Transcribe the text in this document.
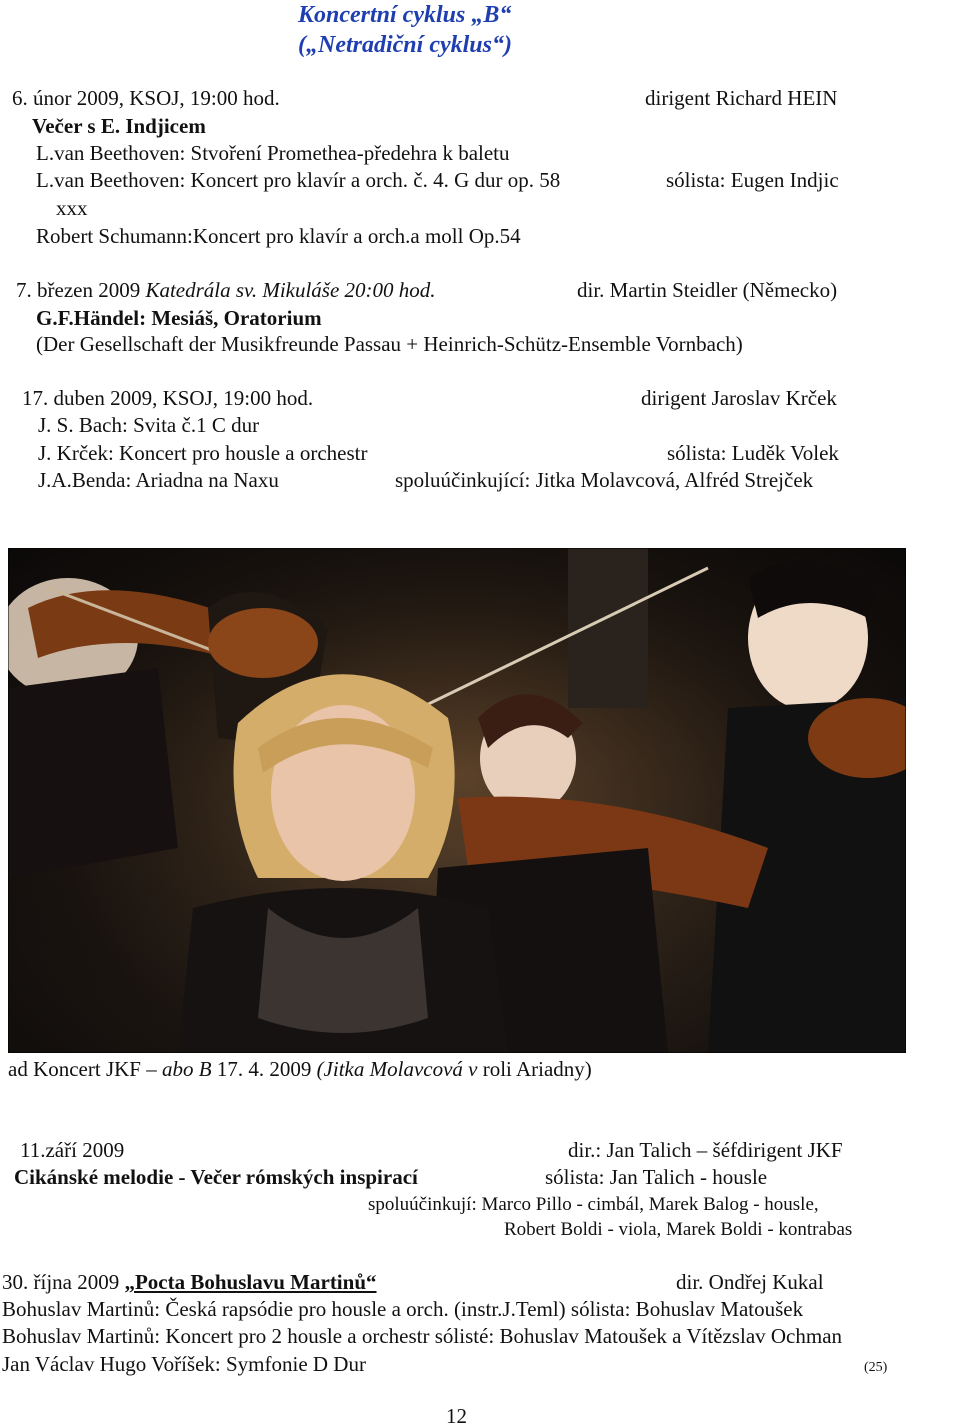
Koncertní cyklus „B“
(„Netradiční cyklus“)
6. únor 2009, KSOJ, 19:00 hod.	dirigent Richard HEIN
Večer s E. Indjicem
L.van Beethoven: Stvoření Promethea-předehra k baletu
L.van Beethoven: Koncert pro klavír a orch. č. 4. G dur op. 58	sólista: Eugen Indjic
xxx
Robert Schumann:Koncert pro klavír a orch.a moll Op.54
7. březen 2009 Katedrála sv. Mikuláše 20:00 hod.	dir. Martin Steidler (Německo)
G.F.Händel: Mesiáš, Oratorium
(Der Gesellschaft der Musikfreunde Passau + Heinrich-Schütz-Ensemble Vornbach)
17. duben 2009, KSOJ, 19:00 hod.	dirigent Jaroslav Krček
J. S. Bach: Svita č.1 C dur
J. Krček: Koncert pro housle a orchestr	sólista: Luděk Volek
J.A.Benda: Ariadna na Naxu	spoluúčinkující: Jitka Molavcová, Alfréd Strejček
ad Koncert JKF – abo B 17. 4. 2009 (Jitka Molavcová v roli Ariadny)
11.září 2009	dir.: Jan Talich – šéfdirigent JKF
Cikánské melodie - Večer rómských inspirací	sólista: Jan Talich - housle
spoluúčinkují: Marco Pillo - cimbál, Marek Balog - housle,
Robert Boldi - viola, Marek Boldi - kontrabas
30. října 2009 „Pocta Bohuslavu Martinů“	dir. Ondřej Kukal
Bohuslav Martinů: Česká rapsódie pro housle a orch. (instr.J.Teml) sólista: Bohuslav Matoušek
Bohuslav Martinů: Koncert pro 2 housle a orchestr sólisté: Bohuslav Matoušek a Vítězslav Ochman
Jan Václav Hugo Voříšek: Symfonie D Dur	(25)
12
